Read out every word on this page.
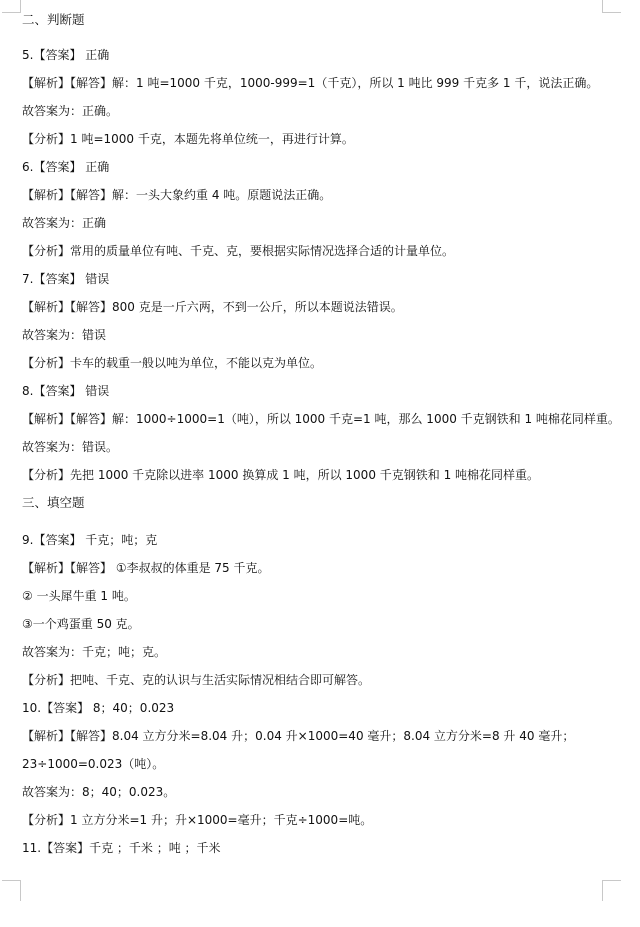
二、判断题
5.【答案】 正确
【解析】【解答】解：1 吨=1000 千克，1000-999=1（千克），所以 1 吨比 999 千克多 1 千，说法正确。
故答案为：正确。
【分析】1 吨=1000 千克，本题先将单位统一，再进行计算。
6.【答案】 正确
【解析】【解答】解：一头大象约重 4 吨。原题说法正确。
故答案为：正确
【分析】常用的质量单位有吨、千克、克，要根据实际情况选择合适的计量单位。
7.【答案】 错误
【解析】【解答】800 克是一斤六两，不到一公斤，所以本题说法错误。
故答案为：错误
【分析】卡车的载重一般以吨为单位，不能以克为单位。
8.【答案】 错误
【解析】【解答】解：1000÷1000=1（吨），所以 1000 千克=1 吨，那么 1000 千克钢铁和 1 吨棉花同样重。
故答案为：错误。
【分析】先把 1000 千克除以进率 1000 换算成 1 吨，所以 1000 千克钢铁和 1 吨棉花同样重。
三、填空题
9.【答案】 千克；吨；克
【解析】【解答】 ①李叔叔的体重是 75 千克。
② 一头犀牛重 1 吨。
③一个鸡蛋重 50 克。
故答案为：千克；吨；克。
【分析】把吨、千克、克的认识与生活实际情况相结合即可解答。
10.【答案】 8；40；0.023
【解析】【解答】8.04 立方分米=8.04 升；0.04 升×1000=40 毫升；8.04 立方分米=8 升 40 毫升；
23÷1000=0.023（吨）。
故答案为：8；40；0.023。
【分析】1 立方分米=1 升；升×1000=毫升；千克÷1000=吨。
11.【答案】千克 ；千米 ；吨 ；千米
